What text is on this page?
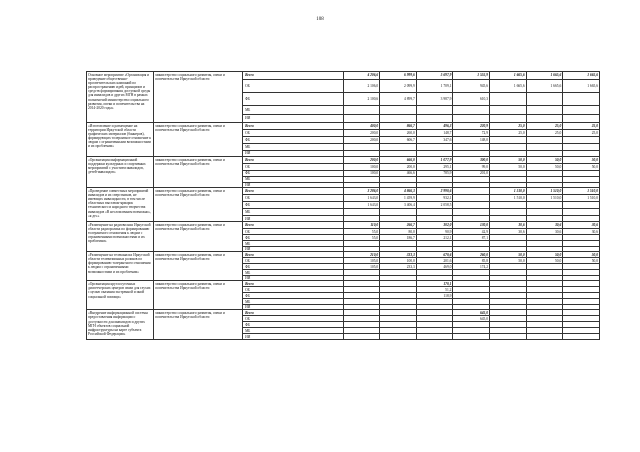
108
Основное мероприятие «Организация и проведение общественно-просветительских кампаний по распространению идей, принципов и средств формирования доступной среды для инвалидов и других МГН в рамках полномочий министерства социального развития, опеки и попечительства на 2014-2020 годы»	министерство социального развития, опеки и попечительства Иркутской области	Всего	4 206,6	6 999,6	5 697,9	1 555,9	1 665,6	1 665,6	1 665,6
		ОБ	2 106,0	2 099,9	1 709,1	945,6	1 665,6	1 665,6	1 665,6
		ФБ	2 100,6	4 899,7	3 987,9	610,3			
		МБ							
		ИИ							
«Изготовление и размещение на территории Иркутской области графических материалов (баннеров), формирующих толерантное отношение к людям с ограниченными возможностями и их проблемам»	министерство социального развития, опеки и попечительства Иркутской области	Всего	400,0	866,7	496,3	220,9	25,0	25,0	25,0
		ОБ	200,0	260,0	148,7	72,9	25,0	25,0	25,0
		ФБ	200,0	606,7	347,6	148,0			
		МБ							
		ИИ							
«Организация информационной поддержки культурных и спортивных мероприятий с участием инвалидов, детей-инвалидов»	министерство социального развития, опеки и попечительства Иркутской области	Всего	200,0	666,0	1 077,9	300,0	50,0	50,0	50,0
		ОБ	100,0	200,0	295,1	99,0	50,0	50,0	50,0
		ФБ	100,0	466,6	785,9	201,0			
		МБ							
		ИИ							
«Проведение совместных мероприятий инвалидов и их сверстников, не имеющих инвалидности, в том числе областных выставок-ярмарок технического и народного творчества инвалидов «В несломленном возможно», «я де»»	министерство социального развития, опеки и попечительства Иркутской области	Всего	3 286,0	4 866,3	2 990,6		1 510,0	1 510,0	1 510,0
		ОБ	1 643,0	1 459,9	932,1		1 510,0	1 510,0	1 510,0
		ФБ	1 643,0	3 406,4	2 058,5				
		МБ							
		ИИ							
«Размещение на радиоволнах Иркутской области радиоролика по формированию толерантного отношения к людям с ограниченными возможностями и их проблемам»	министерство социального развития, опеки и попечительства Иркутской области	Всего	110,0	266,7	302,0	130,0	30,6	30,6	30,6
		ОБ	55,0	80,0	90,9	42,9	30,6	30,6	30,6
		ФБ	55,0	186,7	212,1	87,1			
		МБ							
		ИИ							
«Размещение на телеканалах Иркутской области телевизионных роликов по формированию толерантного отношения к людям с ограниченными возможностями и их проблемам»	министерство социального развития, опеки и попечительства Иркутской области	Всего	210,0	333,3	670,6	260,0	50,0	50,0	50,0
		ОБ	105,0	100,0	201,6	85,8	50,0	50,0	50,0
		ФБ	105,0	233,3	469,0	174,2			
		МБ							
		ИИ							
«Организация круглосуточных диспетчерских центров связи для глухих с целью оказания экстренной и иной социальной помощи»	министерство социального развития, опеки и попечительства Иркутской области	Всего			170,1				
		ОБ			51,2				
		ФБ			118,9				
		МБ							
		ИИ							
«Внедрение информационной системы предоставления информации о доступности для инвалидов и других МГН объектов социальной инфраструктуры на карте субъекта Российской Федерации»	министерство социального развития, опеки и попечительства Иркутской области	Всего				645,0			
		ОБ				645,0			
		ФБ							
		МБ							
		ИИ							
